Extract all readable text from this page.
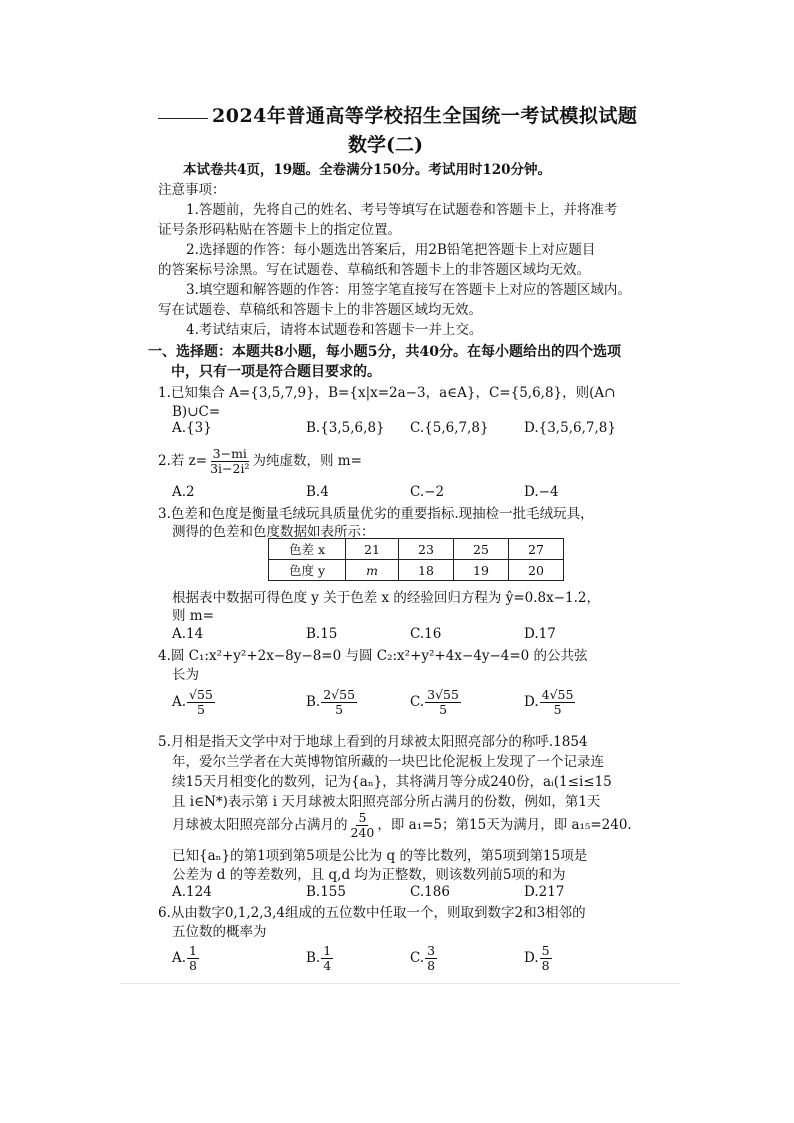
2024年普通高等学校招生全国统一考试模拟试题
数学(二)
本试卷共4页，19题。全卷满分150分。考试用时120分钟。
注意事项：
1.答题前，先将自己的姓名、考号等填写在试题卷和答题卡上，并将准考
证号条形码粘贴在答题卡上的指定位置。
2.选择题的作答：每小题选出答案后，用2B铅笔把答题卡上对应题目
的答案标号涂黑。写在试题卷、草稿纸和答题卡上的非答题区域均无效。
3.填空题和解答题的作答：用签字笔直接写在答题卡上对应的答题区域内。
写在试题卷、草稿纸和答题卡上的非答题区域均无效。
4.考试结束后，请将本试题卷和答题卡一并上交。
一、选择题：本题共8小题，每小题5分，共40分。在每小题给出的四个选项
中，只有一项是符合题目要求的。
1.已知集合 A={3,5,7,9}，B={x|x=2a−3，a∈A}，C={5,6,8}，则(A∩
B)∪C=
A.{3}	B.{3,5,6,8} C.{5,6,7,8}	D.{3,5,6,7,8}
2.若 $z= \frac{3-mi}{\text{3i−2i²}}$ 为纯虚数，则 m=
A.2	B.4	C.−2	D.−4
3.色差和色度是衡量毛绒玩具质量优劣的重要指标.现抽检一批毛绒玩具，
测得的色差和色度数据如表所示：
色差 x	21	23	25	27
色度 y	m	18	19	20
根据表中数据可得色度 y 关于色差 x 的经验回归方程为 ŷ=0.8x−1.2，
则 m=
A.14	B.15	C.16	D.17
4.圆 C₁:x²+y²+2x−8y−8=0 与圆 C₂:x²+y²+4x−4y−4=0 的公共弦
长为
A. $\frac{√55}{5}$	B. $\frac{2√55}{5}$	C. $\frac{3√55}{5}$	D. $\frac{4√55}{5}$
5.月相是指天文学中对于地球上看到的月球被太阳照亮部分的称呼.1854
年，爱尔兰学者在大英博物馆所藏的一块巴比伦泥板上发现了一个记录连
续15天月相变化的数列，记为{aₙ}，其将满月等分成240份，aᵢ(1≤i≤15
且 i∈N*)表示第 i 天月球被太阳照亮部分所占满月的份数，例如，第1天
月球被太阳照亮部分占满月的 $\frac{5}{240}$ ，即 a₁=5；第15天为满月，即 a₁₅=240.
已知{aₙ}的第1项到第5项是公比为 q 的等比数列，第5项到第15项是
公差为 d 的等差数列，且 q,d 均为正整数，则该数列前5项的和为
A.124	B.155	C.186	D.217
6.从由数字0,1,2,3,4组成的五位数中任取一个，则取到数字2和3相邻的
五位数的概率为
A. $\frac{1}{8}$	B. $\frac{1}{4}$	C. $\frac{3}{8}$	D. $\frac{5}{8}$
